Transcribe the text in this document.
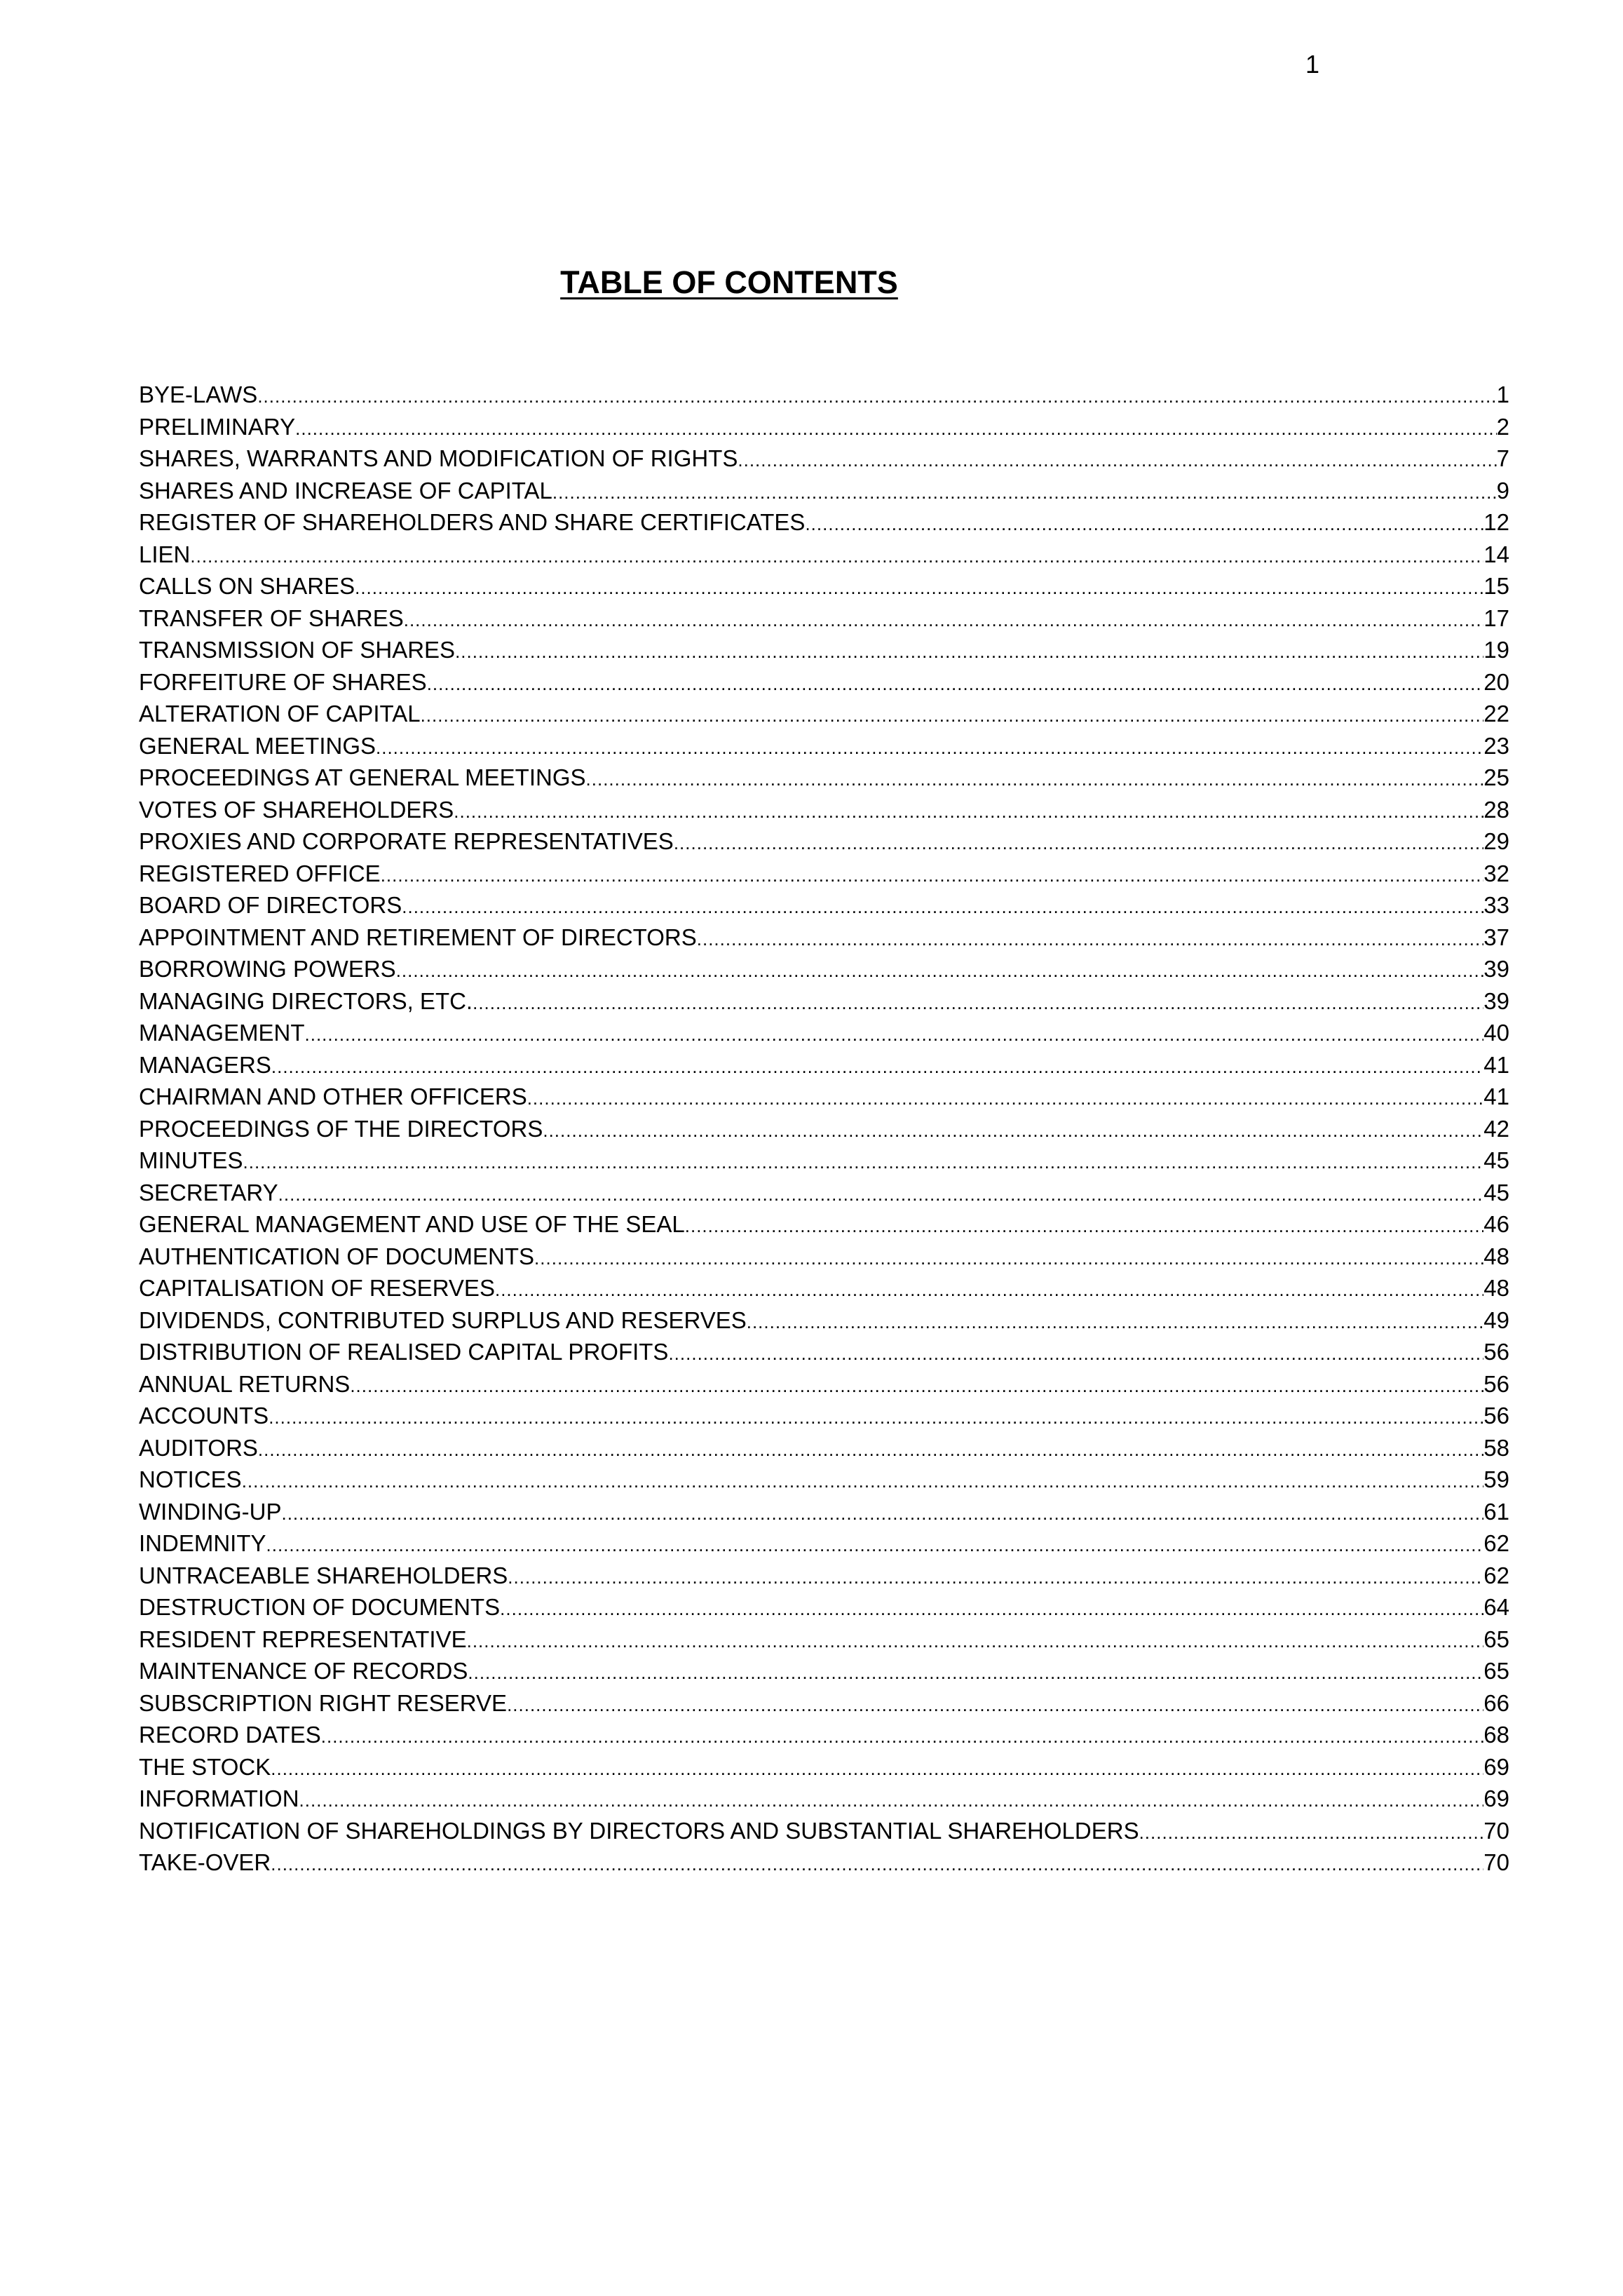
1
TABLE OF CONTENTS
BYE-LAWS .....	1
PRELIMINARY .....	2
SHARES, WARRANTS AND MODIFICATION OF RIGHTS .....	7
SHARES AND INCREASE OF CAPITAL .....	9
REGISTER OF SHAREHOLDERS AND SHARE CERTIFICATES .....	12
LIEN .....	14
CALLS ON SHARES .....	15
TRANSFER OF SHARES .....	17
TRANSMISSION OF SHARES .....	19
FORFEITURE OF SHARES .....	20
ALTERATION OF CAPITAL .....	22
GENERAL MEETINGS .....	23
PROCEEDINGS AT GENERAL MEETINGS .....	25
VOTES OF SHAREHOLDERS .....	28
PROXIES AND CORPORATE REPRESENTATIVES .....	29
REGISTERED OFFICE .....	32
BOARD OF DIRECTORS .....	33
APPOINTMENT AND RETIREMENT OF DIRECTORS .....	37
BORROWING POWERS .....	39
MANAGING DIRECTORS, ETC. .....	39
MANAGEMENT .....	40
MANAGERS .....	41
CHAIRMAN AND OTHER OFFICERS .....	41
PROCEEDINGS OF THE DIRECTORS .....	42
MINUTES .....	45
SECRETARY .....	45
GENERAL MANAGEMENT AND USE OF THE SEAL .....	46
AUTHENTICATION OF DOCUMENTS .....	48
CAPITALISATION OF RESERVES .....	48
DIVIDENDS, CONTRIBUTED SURPLUS AND RESERVES .....	49
DISTRIBUTION OF REALISED CAPITAL PROFITS .....	56
ANNUAL RETURNS .....	56
ACCOUNTS .....	56
AUDITORS .....	58
NOTICES .....	59
WINDING-UP .....	61
INDEMNITY .....	62
UNTRACEABLE SHAREHOLDERS .....	62
DESTRUCTION OF DOCUMENTS .....	64
RESIDENT REPRESENTATIVE .....	65
MAINTENANCE OF RECORDS .....	65
SUBSCRIPTION RIGHT RESERVE .....	66
RECORD DATES .....	68
THE STOCK .....	69
INFORMATION .....	69
NOTIFICATION OF SHAREHOLDINGS BY DIRECTORS AND SUBSTANTIAL SHAREHOLDERS .....	70
TAKE-OVER .....	70
